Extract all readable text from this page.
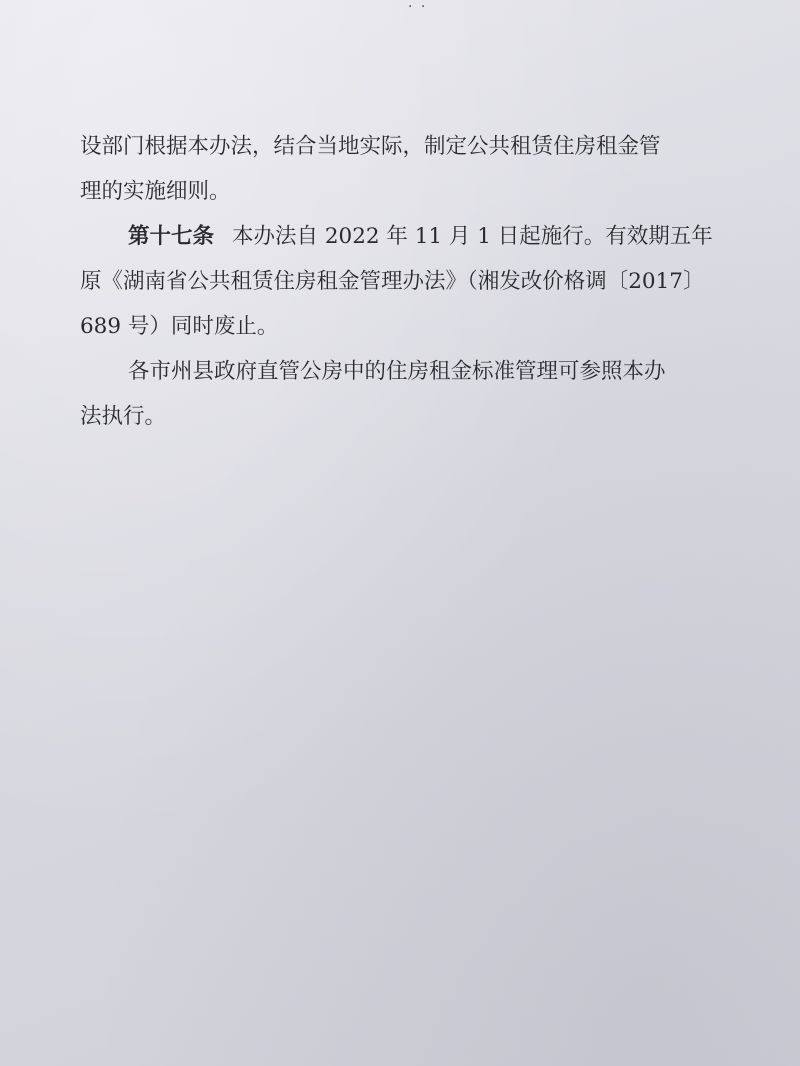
· ·
设部门根据本办法，结合当地实际，制定公共租赁住房租金管
理的实施细则。
第十七条 本办法自 2022 年 11 月 1 日起施行。有效期五年
原《湖南省公共租赁住房租金管理办法》（湘发改价格调〔2017〕
689 号）同时废止。
各市州县政府直管公房中的住房租金标准管理可参照本办
法执行。
